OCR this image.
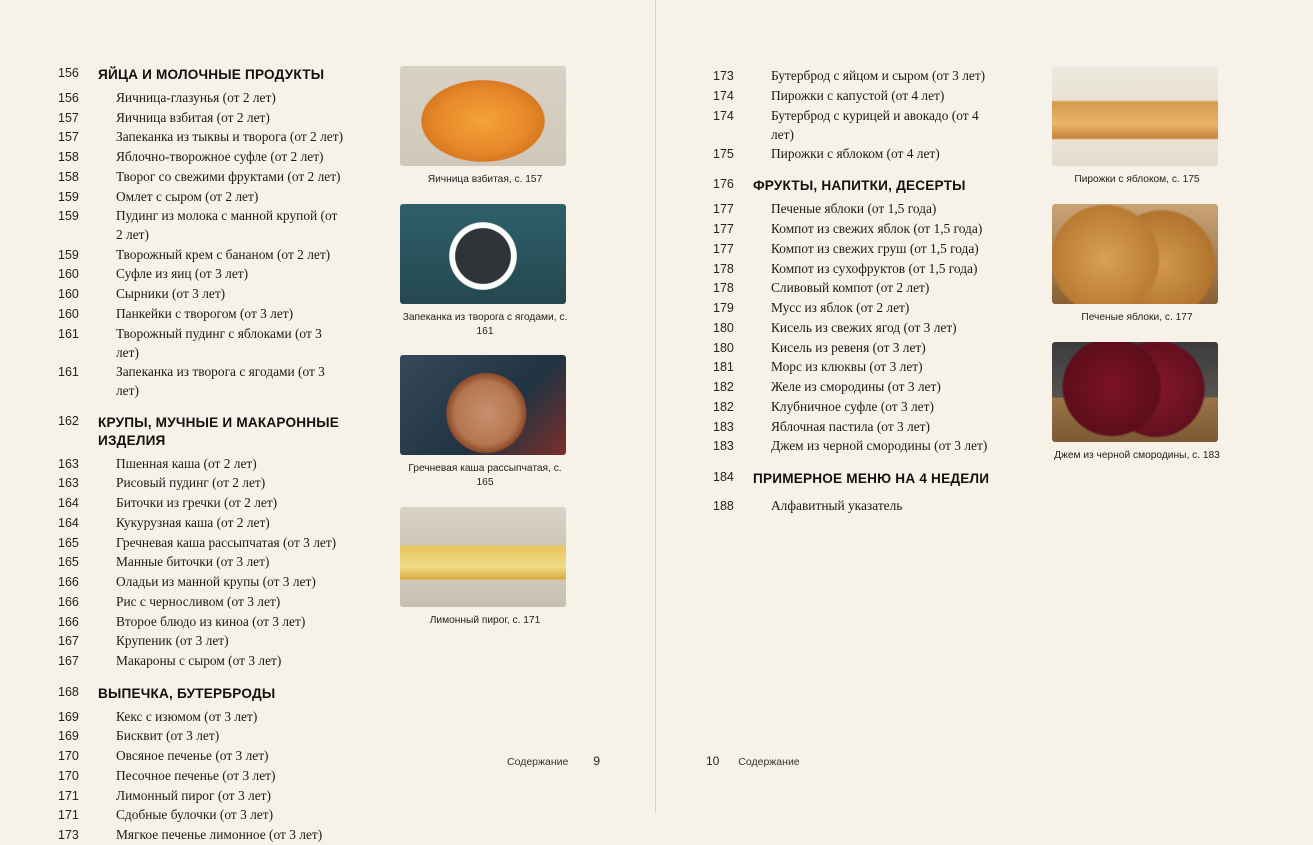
156	ЯЙЦА И МОЛОЧНЫЕ ПРОДУКТЫ
156	Яичница-глазунья (от 2 лет)
157	Яичница взбитая (от 2 лет)
157	Запеканка из тыквы и творога (от 2 лет)
158	Яблочно-творожное суфле (от 2 лет)
158	Творог со свежими фруктами (от 2 лет)
159	Омлет с сыром (от 2 лет)
159	Пудинг из молока с манной крупой (от 2 лет)
159	Творожный крем с бананом (от 2 лет)
160	Суфле из яиц (от 3 лет)
160	Сырники (от 3 лет)
160	Панкейки с творогом (от 3 лет)
161	Творожный пудинг с яблоками (от 3 лет)
161	Запеканка из творога с ягодами (от 3 лет)
162	КРУПЫ, МУЧНЫЕ И МАКАРОННЫЕ ИЗДЕЛИЯ
163	Пшенная каша (от 2 лет)
163	Рисовый пудинг (от 2 лет)
164	Биточки из гречки (от 2 лет)
164	Кукурузная каша (от 2 лет)
165	Гречневая каша рассыпчатая (от 3 лет)
165	Манные биточки (от 3 лет)
166	Оладьи из манной крупы (от 3 лет)
166	Рис с черносливом (от 3 лет)
166	Второе блюдо из киноа (от 3 лет)
167	Крупеник (от 3 лет)
167	Макароны с сыром (от 3 лет)
168	ВЫПЕЧКА, БУТЕРБРОДЫ
169	Кекс с изюмом (от 3 лет)
169	Бисквит (от 3 лет)
170	Овсяное печенье (от 3 лет)
170	Песочное печенье (от 3 лет)
171	Лимонный пирог (от 3 лет)
171	Сдобные булочки (от 3 лет)
173	Мягкое печенье лимонное (от 3 лет)
Яичница взбитая, с. 157
Запеканка из творога с ягодами, с. 161
Гречневая каша рассыпчатая, с. 165
Лимонный пирог, с. 171
Содержание 9
173	Бутерброд с яйцом и сыром (от 3 лет)
174	Пирожки с капустой (от 4 лет)
174	Бутерброд с курицей и авокадо (от 4 лет)
175	Пирожки с яблоком (от 4 лет)
176	ФРУКТЫ, НАПИТКИ, ДЕСЕРТЫ
177	Печеные яблоки (от 1,5 года)
177	Компот из свежих яблок (от 1,5 года)
177	Компот из свежих груш (от 1,5 года)
178	Компот из сухофруктов (от 1,5 года)
178	Сливовый компот (от 2 лет)
179	Мусс из яблок (от 2 лет)
180	Кисель из свежих ягод (от 3 лет)
180	Кисель из ревеня (от 3 лет)
181	Морс из клюквы (от 3 лет)
182	Желе из смородины (от 3 лет)
182	Клубничное суфле (от 3 лет)
183	Яблочная пастила (от 3 лет)
183	Джем из черной смородины (от 3 лет)
184	ПРИМЕРНОЕ МЕНЮ НА 4 НЕДЕЛИ
188	Алфавитный указатель
Пирожки с яблоком, с. 175
Печеные яблоки, с. 177
Джем из черной смородины, с. 183
10 Содержание
